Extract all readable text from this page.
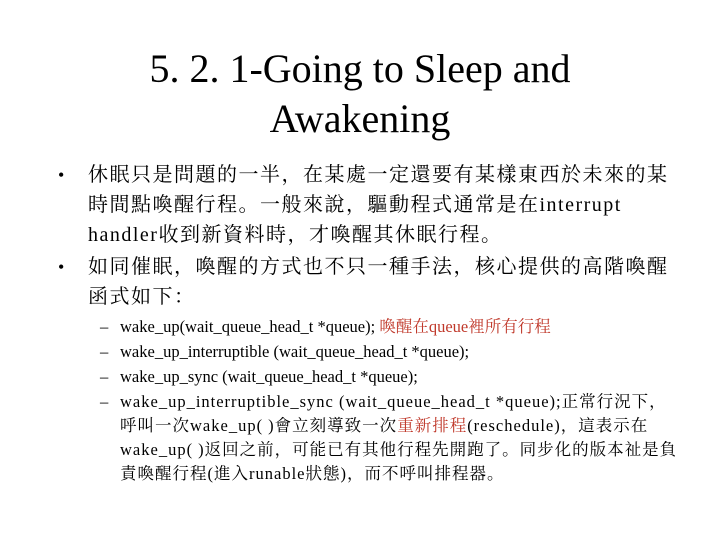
5. 2. 1-Going to Sleep and
Awakening
• 休眠只是問題的一半，在某處一定還要有某樣東西於未來的某時間點喚醒行程。一般來說，驅動程式通常是在interrupt handler收到新資料時，才喚醒其休眠行程。
• 如同催眠，喚醒的方式也不只一種手法，核心提供的高階喚醒函式如下：
– wake_up(wait_queue_head_t *queue); 喚醒在queue裡所有行程
– wake_up_interruptible (wait_queue_head_t *queue);
– wake_up_sync (wait_queue_head_t *queue);
– wake_up_interruptible_sync (wait_queue_head_t *queue);正常行況下，呼叫一次wake_up( )會立刻導致一次重新排程(reschedule)，這表示在wake_up( )返回之前，可能已有其他行程先開跑了。同步化的版本祉是負責喚醒行程(進入runable狀態)，而不呼叫排程器。
